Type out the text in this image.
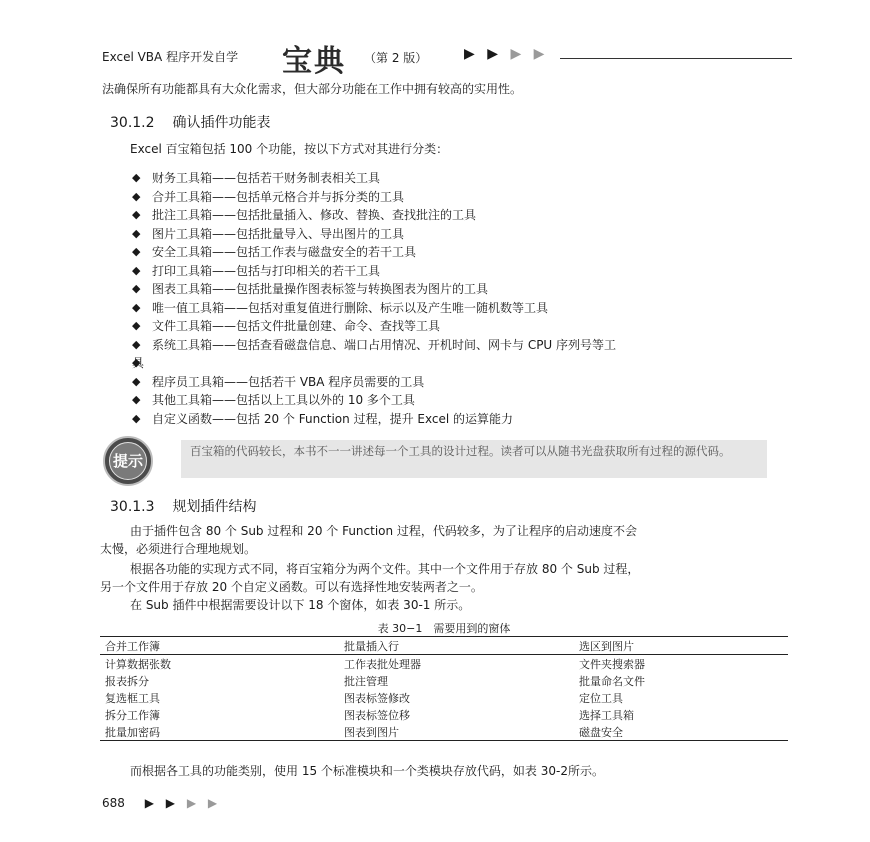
Excel VBA 程序开发自学 宝典 （第 2 版）	▶ ▶ ▶ ▶
法确保所有功能都具有大众化需求，但大部分功能在工作中拥有较高的实用性。
30.1.2 确认插件功能表
Excel 百宝箱包括 100 个功能，按以下方式对其进行分类：
◆ 财务工具箱——包括若干财务制表相关工具
◆ 合并工具箱——包括单元格合并与拆分类的工具
◆ 批注工具箱——包括批量插入、修改、替换、查找批注的工具
◆ 图片工具箱——包括批量导入、导出图片的工具
◆ 安全工具箱——包括工作表与磁盘安全的若干工具
◆ 打印工具箱——包括与打印相关的若干工具
◆ 图表工具箱——包括批量操作图表标签与转换图表为图片的工具
◆ 唯一值工具箱——包括对重复值进行删除、标示以及产生唯一随机数等工具
◆ 文件工具箱——包括文件批量创建、命令、查找等工具
◆ 系统工具箱——包括查看磁盘信息、端口占用情况、开机时间、网卡与 CPU 序列号等工
◆ 具

◆ 程序员工具箱——包括若干 VBA 程序员需要的工具
◆ 其他工具箱——包括以上工具以外的 10 多个工具
◆ 自定义函数——包括 20 个 Function 过程，提升 Excel 的运算能力
提示
百宝箱的代码较长，本书不一一讲述每一个工具的设计过程。读者可以从随书光盘获取所有过程的源代码。
30.1.3 规划插件结构
由于插件包含 80 个 Sub 过程和 20 个 Function 过程，代码较多，为了让程序的启动速度不会
太慢，必须进行合理地规划。
根据各功能的实现方式不同，将百宝箱分为两个文件。其中一个文件用于存放 80 个 Sub 过程，
另一个文件用于存放 20 个自定义函数。可以有选择性地安装两者之一。
在 Sub 插件中根据需要设计以下 18 个窗体，如表 30-1 所示。
表 30−1　需要用到的窗体
合并工作簿	批量插入行	选区到图片
计算数据张数	工作表批处理器	文件夹搜索器
报表拆分	批注管理	批量命名文件
复选框工具	图表标签修改	定位工具
拆分工作簿	图表标签位移	选择工具箱
批量加密码	图表到图片	磁盘安全
而根据各工具的功能类别，使用 15 个标准模块和一个类模块存放代码，如表 30-2所示。
688 ▶ ▶ ▶ ▶
